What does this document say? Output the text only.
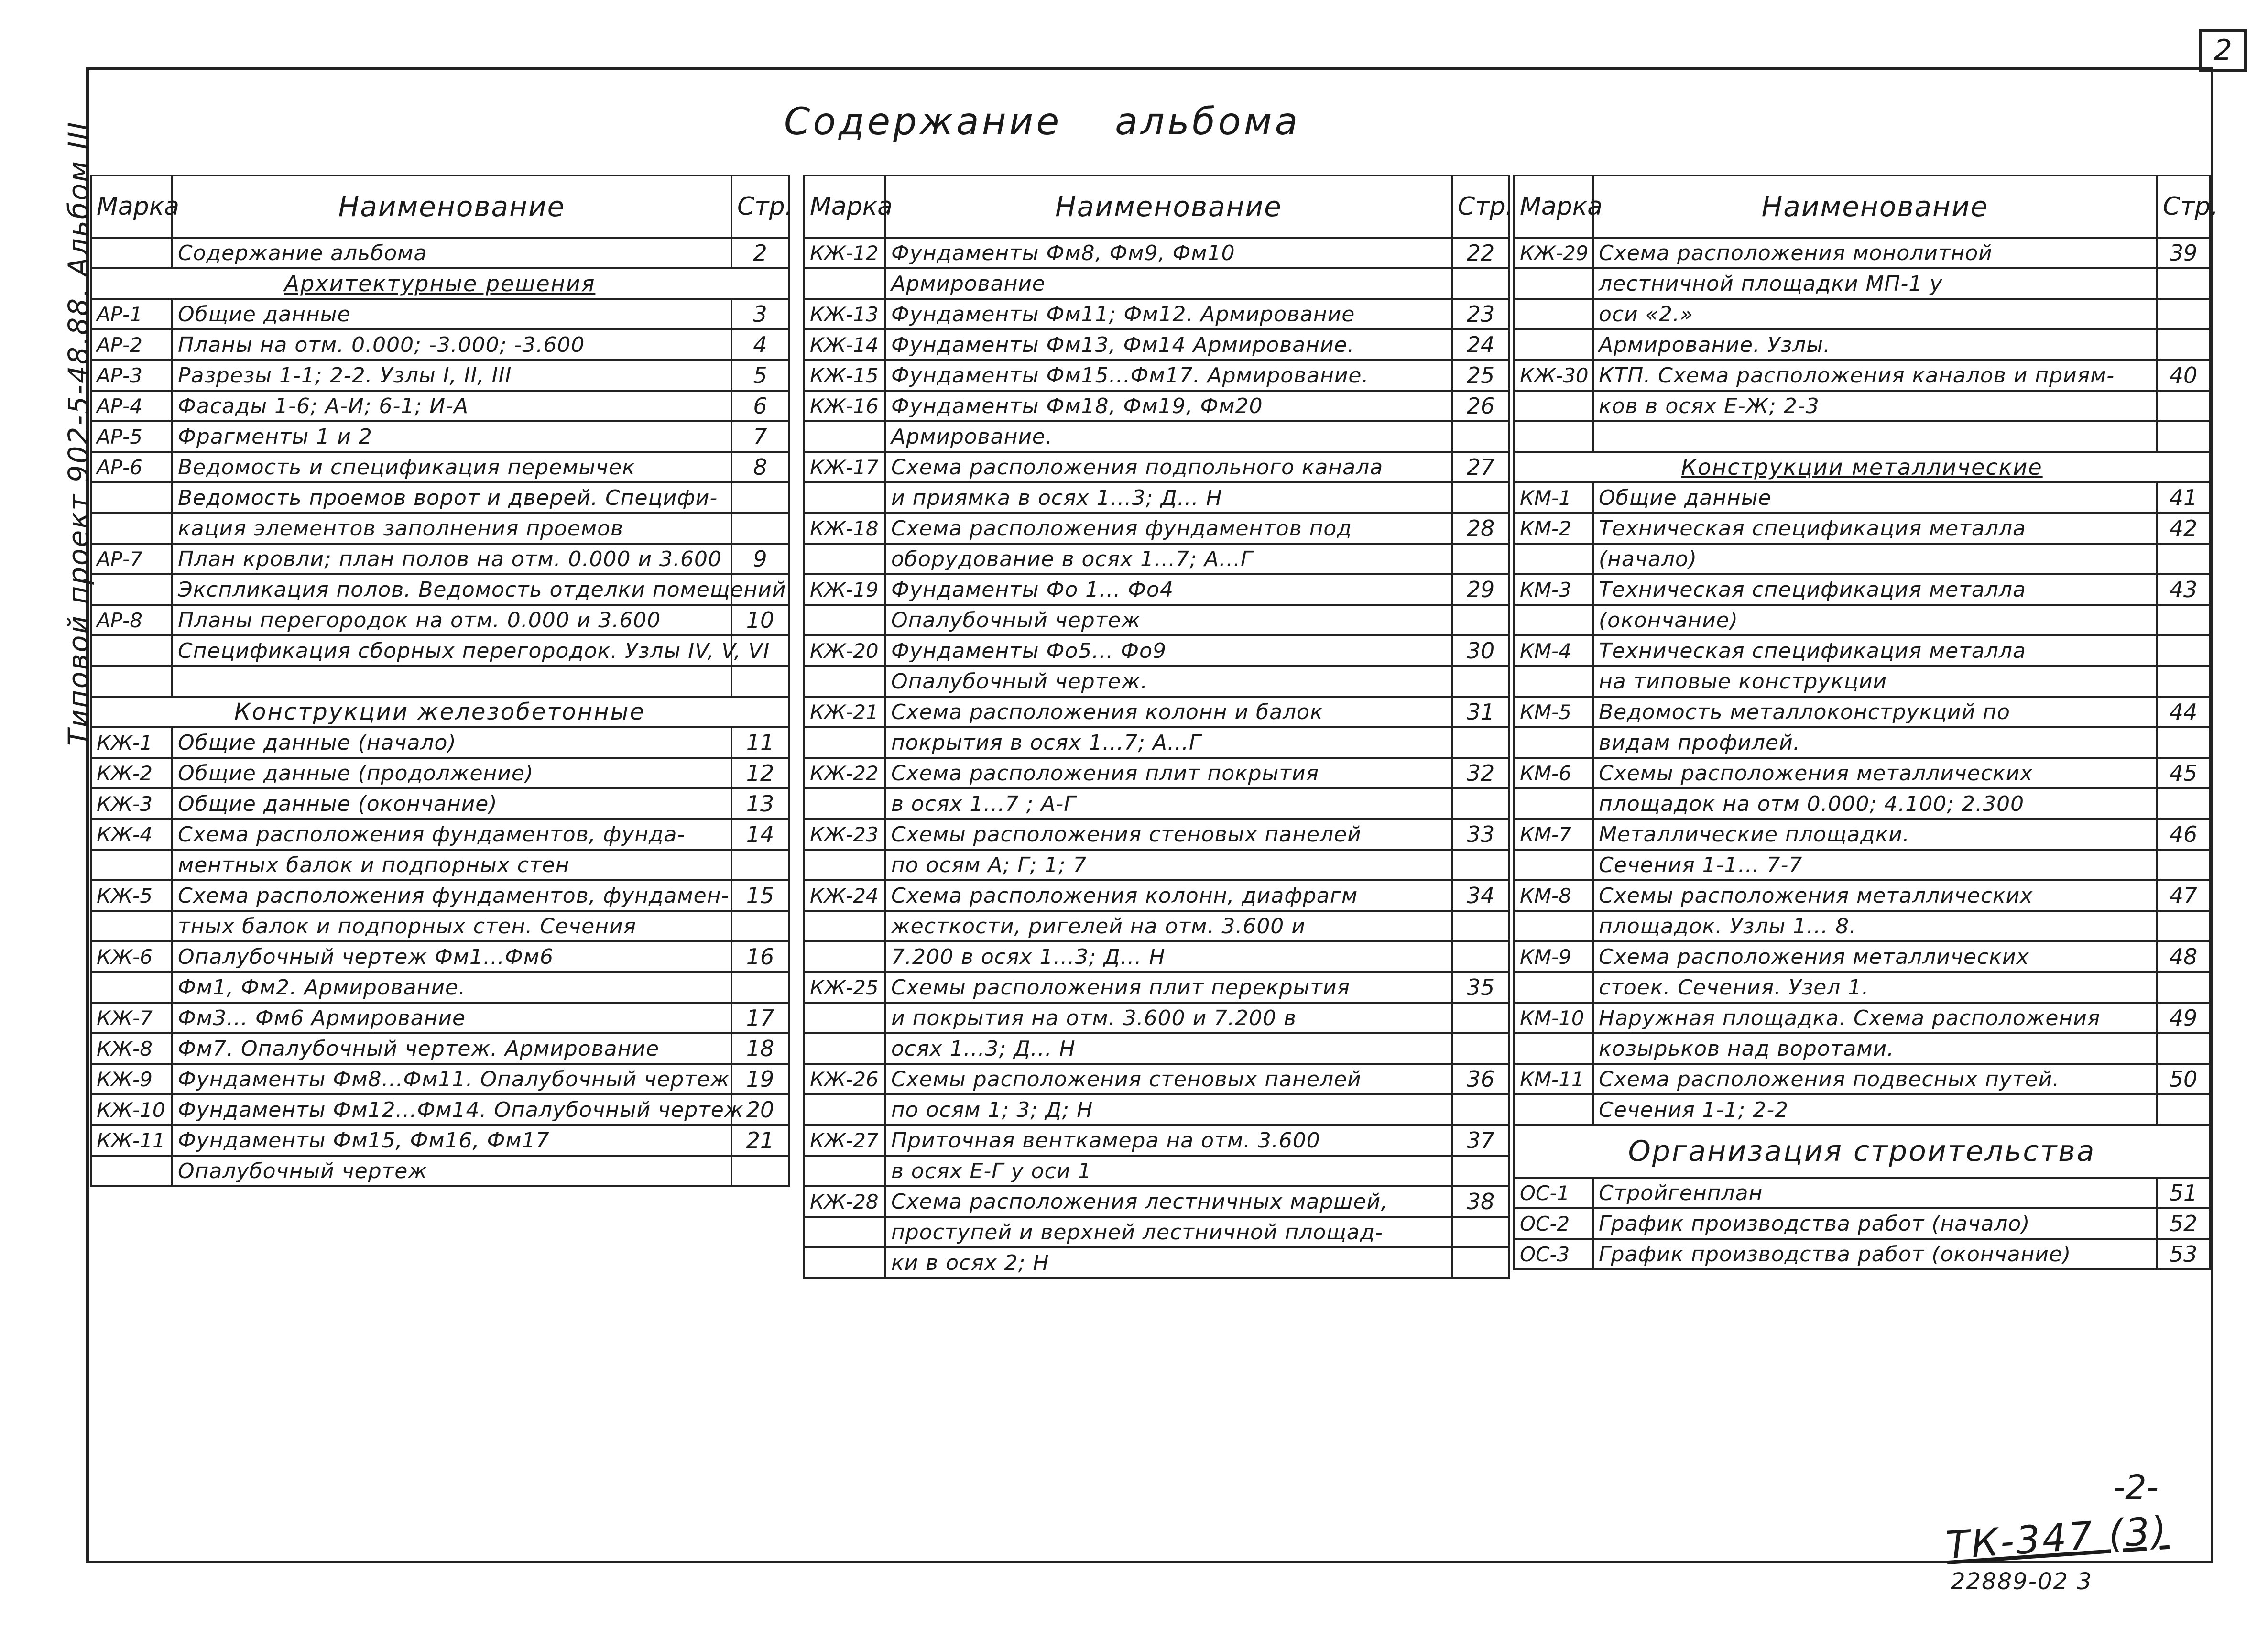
2
Типовой проект 902-5-48.88. Альбом III	Содержание альбома
Марка	Наименование	Стр.
	Содержание альбома	2
Архитектурные решения		
АР-1	Общие данные	3
АР-2	Планы на отм. 0.000; -3.000; -3.600	4
АР-3	Разрезы 1-1; 2-2. Узлы I, II, III	5
АР-4	Фасады 1-6; А-И; 6-1; И-А	6
АР-5	Фрагменты 1 и 2	7
АР-6	Ведомость и спецификация перемычек	8
	Ведомость проемов ворот и дверей. Специфи-	
	кация элементов заполнения проемов	
АР-7	План кровли; план полов на отм. 0.000 и 3.600	9
	Экспликация полов. Ведомость отделки помещений	
АР-8	Планы перегородок на отм. 0.000 и 3.600	10
	Спецификация сборных перегородок. Узлы IV, V, VI	

Конструкции железобетонные		
КЖ-1	Общие данные (начало)	11
КЖ-2	Общие данные (продолжение)	12
КЖ-3	Общие данные (окончание)	13
КЖ-4	Схема расположения фундаментов, фунда-	14
	ментных балок и подпорных стен	
КЖ-5	Схема расположения фундаментов, фундамен-	15
	тных балок и подпорных стен. Сечения	
КЖ-6	Опалубочный чертеж Фм1...Фм6	16
	Фм1, Фм2. Армирование.	
КЖ-7	Фм3... Фм6 Армирование	17
КЖ-8	Фм7. Опалубочный чертеж. Армирование	18
КЖ-9	Фундаменты Фм8...Фм11. Опалубочный чертеж	19
КЖ-10	Фундаменты Фм12...Фм14. Опалубочный чертеж	20
КЖ-11	Фундаменты Фм15, Фм16, Фм17	21
	Опалубочный чертеж	
Марка	Наименование	Стр.
КЖ-12	Фундаменты Фм8, Фм9, Фм10	22
	Армирование	
КЖ-13	Фундаменты Фм11; Фм12. Армирование	23
КЖ-14	Фундаменты Фм13, Фм14 Армирование.	24
КЖ-15	Фундаменты Фм15...Фм17. Армирование.	25
КЖ-16	Фундаменты Фм18, Фм19, Фм20	26
	Армирование.	
КЖ-17	Схема расположения подпольного канала	27
	и приямка в осях 1...3; Д... Н	
КЖ-18	Схема расположения фундаментов под	28
	оборудование в осях 1...7; А...Г	
КЖ-19	Фундаменты Фо 1... Фо4	29
	Опалубочный чертеж	
КЖ-20	Фундаменты Фо5... Фо9	30
	Опалубочный чертеж.	
КЖ-21	Схема расположения колонн и балок	31
	покрытия в осях 1...7; А...Г	
КЖ-22	Схема расположения плит покрытия	32
	в осях 1...7 ; А-Г	
КЖ-23	Схемы расположения стеновых панелей	33
	по осям А; Г; 1; 7	
КЖ-24	Схема расположения колонн, диафрагм	34
	жесткости, ригелей на отм. 3.600 и	
	7.200 в осях 1...3; Д... Н	
КЖ-25	Схемы расположения плит перекрытия	35
	и покрытия на отм. 3.600 и 7.200 в	
	осях 1...3; Д... Н	
КЖ-26	Схемы расположения стеновых панелей	36
	по осям 1; 3; Д; Н	
КЖ-27	Приточная венткамера на отм. 3.600	37
	в осях Е-Г у оси 1	
КЖ-28	Схема расположения лестничных маршей,	38
	проступей и верхней лестничной площад-	
	ки в осях 2; Н	
Марка	Наименование	Стр.
КЖ-29	Схема расположения монолитной	39
	лестничной площадки МП-1 у	
	оси «2.»	
	Армирование. Узлы.	
КЖ-30	КТП. Схема расположения каналов и приям-	40
	ков в осях Е-Ж; 2-3	

Конструкции металлические		
КМ-1	Общие данные	41
КМ-2	Техническая спецификация металла	42
	(начало)	
КМ-3	Техническая спецификация металла	43
	(окончание)	
КМ-4	Техническая спецификация металла	
	на типовые конструкции	
КМ-5	Ведомость металлоконструкций по	44
	видам профилей.	
КМ-6	Схемы расположения металлических	45
	площадок на отм 0.000; 4.100; 2.300	
КМ-7	Металлические площадки.	46
	Сечения 1-1... 7-7	
КМ-8	Схемы расположения металлических	47
	площадок. Узлы 1... 8.	
КМ-9	Схема расположения металлических	48
	стоек. Сечения. Узел 1.	
КМ-10	Наружная площадка. Схема расположения	49
	козырьков над воротами.	
КМ-11	Схема расположения подвесных путей.	50
	Сечения 1-1; 2-2	
Организация строительства		
ОС-1	Стройгенплан	51
ОС-2	График производства работ (начало)	52
ОС-3	График производства работ (окончание)	53
-2-
ТК-347 (3)
22889-02 3
